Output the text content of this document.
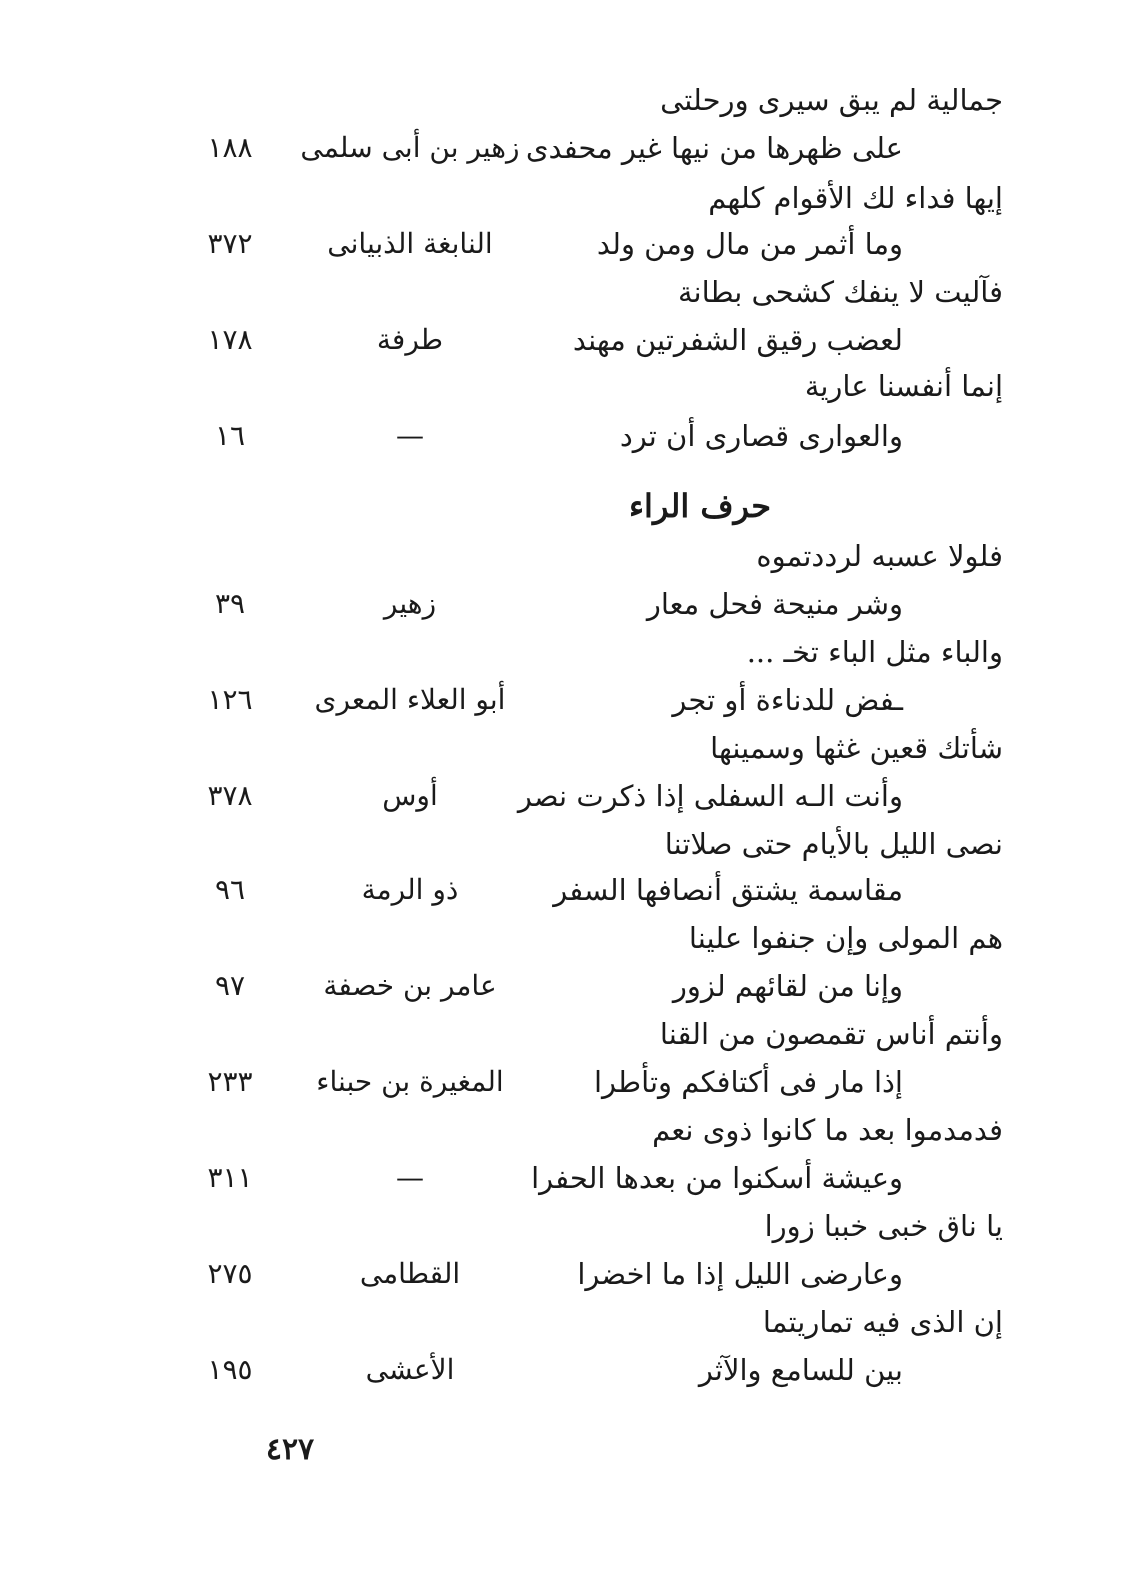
جمالية لم يبق سيرى ورحلتى
على ظهرها من نيها غير محفدى
زهير بن أبى سلمى
١٨٨
إيها فداء لك الأقوام كلهم
وما أثمر من مال ومن ولد
النابغة الذبيانى
٣٧٢
فآليت لا ينفك كشحى بطانة
لعضب رقيق الشفرتين مهند
طرفة
١٧٨
إنما أنفسنا عارية
والعوارى قصارى أن ترد
—
١٦
حرف الراء
فلولا عسبه لرددتموه
وشر منيحة فحل معار
زهير
٣٩
والباء مثل الباء تخـ ...
ـفض للدناءة أو تجر
أبو العلاء المعرى
١٢٦
شأتك قعين غثها وسمينها
وأنت الـه السفلى إذا ذكرت نصر
أوس
٣٧٨
نصى الليل بالأيام حتى صلاتنا
مقاسمة يشتق أنصافها السفر
ذو الرمة
٩٦
هم المولى وإن جنفوا علينا
وإنا من لقائهم لزور
عامر بن خصفة
٩٧
وأنتم أناس تقمصون من القنا
إذا مار فى أكتافكم وتأطرا
المغيرة بن حبناء
٢٣٣
فدمدموا بعد ما كانوا ذوى نعم
وعيشة أسكنوا من بعدها الحفرا
—
٣١١
يا ناق خبى خببا زورا
وعارضى الليل إذا ما اخضرا
القطامى
٢٧٥
إن الذى فيه تماريتما
بين للسامع والآثر
الأعشى
١٩٥
٤٢٧
